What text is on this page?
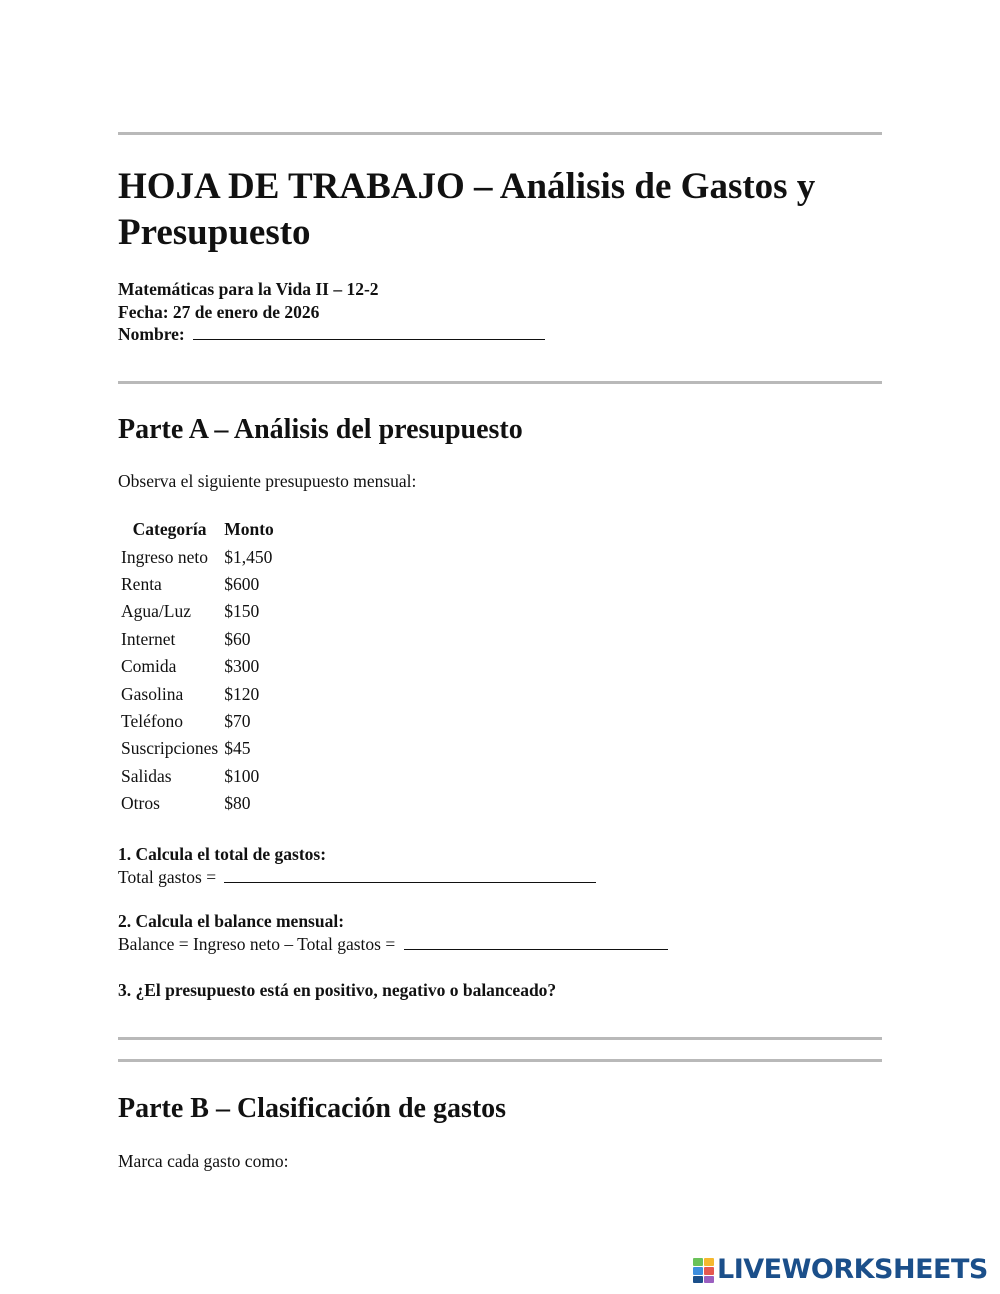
HOJA DE TRABAJO – Análisis de Gastos y Presupuesto
Matemáticas para la Vida II – 12-2
Fecha: 27 de enero de 2026
Nombre:
Parte A – Análisis del presupuesto
Observa el siguiente presupuesto mensual:
Categoría	Monto
Ingreso neto	$1,450
Renta	$600
Agua/Luz	$150
Internet	$60
Comida	$300
Gasolina	$120
Teléfono	$70
Suscripciones	$45
Salidas	$100
Otros	$80
1. Calcula el total de gastos:
Total gastos =
2. Calcula el balance mensual:
Balance = Ingreso neto – Total gastos =
3. ¿El presupuesto está en positivo, negativo o balanceado?
Parte B – Clasificación de gastos
Marca cada gasto como:
LIVEWORKSHEETS
